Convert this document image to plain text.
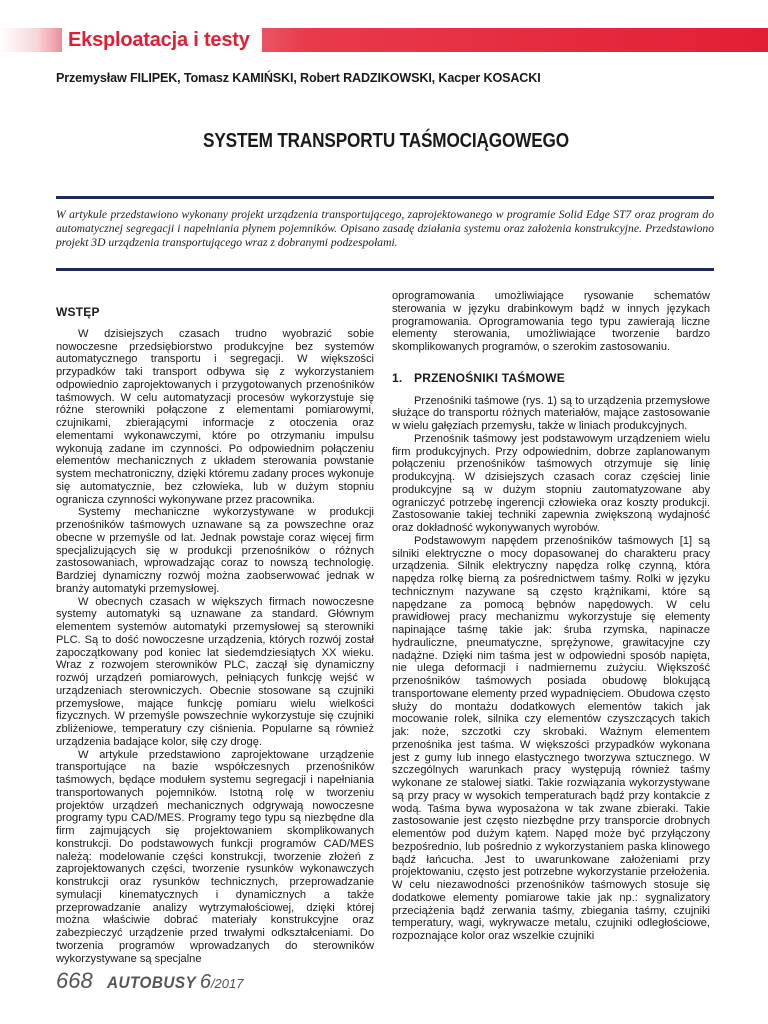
Eksploatacja i testy
Przemysław FILIPEK, Tomasz KAMIŃSKI, Robert RADZIKOWSKI, Kacper KOSACKI
SYSTEM TRANSPORTU TAŚMOCIĄGOWEGO
W artykule przedstawiono wykonany projekt urządzenia transportującego, zaprojektowanego w programie Solid Edge ST7 oraz program do automatycznej segregacji i napełniania płynem pojemników. Opisano zasadę działania systemu oraz założenia konstrukcyjne. Przedstawiono projekt 3D urządzenia transportującego wraz z dobranymi podzespołami.
WSTĘP

W dzisiejszych czasach trudno wyobrazić sobie nowoczesne przedsiębiorstwo produkcyjne bez systemów automatycznego transportu i segregacji. W większości przypadków taki transport odbywa się z wykorzystaniem odpowiednio zaprojektowanych i przygotowanych przenośników taśmowych. W celu automatyzacji procesów wykorzystuje się różne sterowniki połączone z elementami pomiarowymi, czujnikami, zbierającymi informacje z otoczenia oraz elementami wykonawczymi, które po otrzymaniu impulsu wykonują zadane im czynności. Po odpowiednim połączeniu elementów mechanicznych z układem sterowania powstanie system mechatroniczny, dzięki któremu zadany proces wykonuje się automatycznie, bez człowieka, lub w dużym stopniu ogranicza czynności wykonywane przez pracownika.

Systemy mechaniczne wykorzystywane w produkcji przenośników taśmowych uznawane są za powszechne oraz obecne w przemyśle od lat. Jednak powstaje coraz więcej firm specjalizujących się w produkcji przenośników o różnych zastosowaniach, wprowadzając coraz to nowszą technologię. Bardziej dynamiczny rozwój można zaobserwować jednak w branży automatyki przemysłowej.

W obecnych czasach w większych firmach nowoczesne systemy automatyki są uznawane za standard. Głównym elementem systemów automatyki przemysłowej są sterowniki PLC. Są to dość nowoczesne urządzenia, których rozwój został zapoczątkowany pod koniec lat siedemdziesiątych XX wieku. Wraz z rozwojem sterowników PLC, zaczął się dynamiczny rozwój urządzeń pomiarowych, pełniących funkcję wejść w urządzeniach sterowniczych. Obecnie stosowane są czujniki przemysłowe, mające funkcję pomiaru wielu wielkości fizycznych. W przemyśle powszechnie wykorzystuje się czujniki zbliżeniowe, temperatury czy ciśnienia. Popularne są również urządzenia badające kolor, siłę czy drogę.

W artykule przedstawiono zaprojektowane urządzenie transportujące na bazie współczesnych przenośników taśmowych, będące modułem systemu segregacji i napełniania transportowanych pojemników. Istotną rolę w tworzeniu projektów urządzeń mechanicznych odgrywają nowoczesne programy typu CAD/MES. Programy tego typu są niezbędne dla firm zajmujących się projektowaniem skomplikowanych konstrukcji. Do podstawowych funkcji programów CAD/MES należą: modelowanie części konstrukcji, tworzenie złożeń z zaprojektowanych części, tworzenie rysunków wykonawczych konstrukcji oraz rysunków technicznych, przeprowadzanie symulacji kinematycznych i dynamicznych a także przeprowadzanie analizy wytrzymałościowej, dzięki której można właściwie dobrać materiały konstrukcyjne oraz zabezpieczyć urządzenie przed trwałymi odkształceniami. Do tworzenia programów wprowadzanych do sterowników wykorzystywane są specjalne

oprogramowania umożliwiające rysowanie schematów sterowania w języku drabinkowym bądź w innych językach programowania. Oprogramowania tego typu zawierają liczne elementy sterowania, umożliwiające tworzenie bardzo skomplikowanych programów, o szerokim zastosowaniu.

1. PRZENOŚNIKI TAŚMOWE

Przenośniki taśmowe (rys. 1) są to urządzenia przemysłowe służące do transportu różnych materiałów, mające zastosowanie w wielu gałęziach przemysłu, także w liniach produkcyjnych.

Przenośnik taśmowy jest podstawowym urządzeniem wielu firm produkcyjnych. Przy odpowiednim, dobrze zaplanowanym połączeniu przenośników taśmowych otrzymuje się linię produkcyjną. W dzisiejszych czasach coraz częściej linie produkcyjne są w dużym stopniu zautomatyzowane aby ograniczyć potrzebę ingerencji człowieka oraz koszty produkcji. Zastosowanie takiej techniki zapewnia zwiększoną wydajność oraz dokładność wykonywanych wyrobów.

Podstawowym napędem przenośników taśmowych [1] są silniki elektryczne o mocy dopasowanej do charakteru pracy urządzenia. Silnik elektryczny napędza rolkę czynną, która napędza rolkę bierną za pośrednictwem taśmy. Rolki w języku technicznym nazywane są często krążnikami, które są napędzane za pomocą bębnów napędowych. W celu prawidłowej pracy mechanizmu wykorzystuje się elementy napinające taśmę takie jak: śruba rzymska, napinacze hydrauliczne, pneumatyczne, sprężynowe, grawitacyjne czy nadążne. Dzięki nim taśma jest w odpowiedni sposób napięta, nie ulega deformacji i nadmiernemu zużyciu. Większość przenośników taśmowych posiada obudowę blokującą transportowane elementy przed wypadnięciem. Obudowa często służy do montażu dodatkowych elementów takich jak mocowanie rolek, silnika czy elementów czyszczących takich jak: noże, szczotki czy skrobaki. Ważnym elementem przenośnika jest taśma. W większości przypadków wykonana jest z gumy lub innego elastycznego tworzywa sztucznego. W szczególnych warunkach pracy występują również taśmy wykonane ze stalowej siatki. Takie rozwiązania wykorzystywane są przy pracy w wysokich temperaturach bądź przy kontakcie z wodą. Taśma bywa wyposażona w tak zwane zbieraki. Takie zastosowanie jest często niezbędne przy transporcie drobnych elementów pod dużym kątem. Napęd może być przyłączony bezpośrednio, lub pośrednio z wykorzystaniem paska klinowego bądź łańcucha. Jest to uwarunkowane założeniami przy projektowaniu, często jest potrzebne wykorzystanie przełożenia. W celu niezawodności przenośników taśmowych stosuje się dodatkowe elementy pomiarowe takie jak np.: sygnalizatory przeciążenia bądź zerwania taśmy, zbiegania taśmy, czujniki temperatury, wagi, wykrywacze metalu, czujniki odległościowe, rozpoznające kolor oraz wszelkie czujniki

668 AUTOBUSY 6 /2017
